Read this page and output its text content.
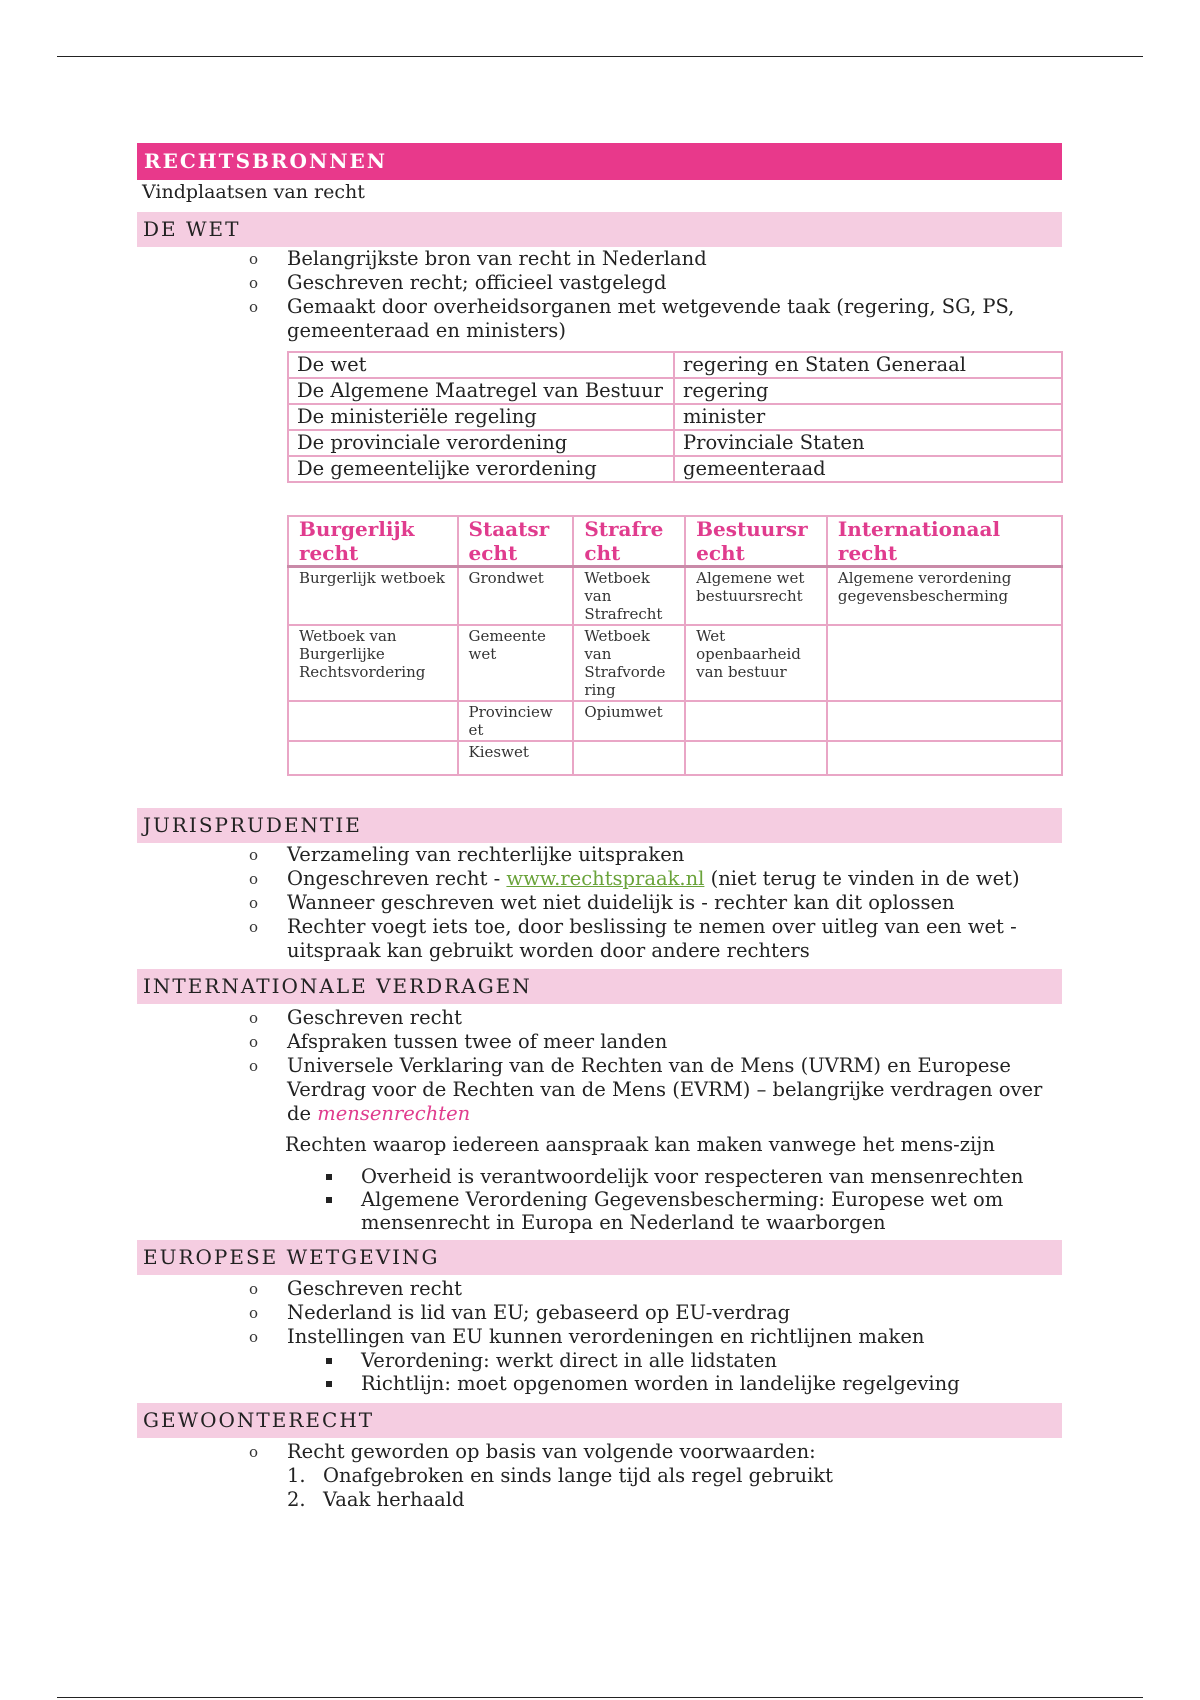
RECHTSBRONNEN
Vindplaatsen van recht
DE WET
o Belangrijkste bron van recht in Nederland
o Geschreven recht; officieel vastgelegd
o Gemaakt door overheidsorganen met wetgevende taak (regering, SG, PS, gemeenteraad en ministers)
De wet	regering en Staten Generaal
De Algemene Maatregel van Bestuur	regering
De ministeriële regeling	minister
De provinciale verordening	Provinciale Staten
De gemeentelijke verordening	gemeenteraad
Burgerlijk recht	Staatsr echt	Strafre cht	Bestuursr echt	Internationaal recht
Burgerlijk wetboek	Grondwet	Wetboek van Strafrecht	Algemene wet bestuursrecht	Algemene verordening gegevensbescherming
Wetboek van Burgerlijke Rechtsvordering	Gemeente wet	Wetboek van Strafvorde ring	Wet openbaarheid van bestuur	
	Provinciew et	Opiumwet		
	Kieswet			
JURISPRUDENTIE
o Verzameling van rechterlijke uitspraken
o Ongeschreven recht - www.rechtspraak.nl (niet terug te vinden in de wet)
o Wanneer geschreven wet niet duidelijk is - rechter kan dit oplossen
o Rechter voegt iets toe, door beslissing te nemen over uitleg van een wet - uitspraak kan gebruikt worden door andere rechters
INTERNATIONALE VERDRAGEN
o Geschreven recht
o Afspraken tussen twee of meer landen
o Universele Verklaring van de Rechten van de Mens (UVRM) en Europese Verdrag voor de Rechten van de Mens (EVRM) – belangrijke verdragen over de mensenrechten
Rechten waarop iedereen aanspraak kan maken vanwege het mens-zijn
Overheid is verantwoordelijk voor respecteren van mensenrechten
Algemene Verordening Gegevensbescherming: Europese wet om mensenrecht in Europa en Nederland te waarborgen
EUROPESE WETGEVING
o Geschreven recht
o Nederland is lid van EU; gebaseerd op EU-verdrag
o Instellingen van EU kunnen verordeningen en richtlijnen maken
Verordening: werkt direct in alle lidstaten
Richtlijn: moet opgenomen worden in landelijke regelgeving
GEWOONTERECHT
o Recht geworden op basis van volgende voorwaarden:
1. Onafgebroken en sinds lange tijd als regel gebruikt
2. Vaak herhaald
